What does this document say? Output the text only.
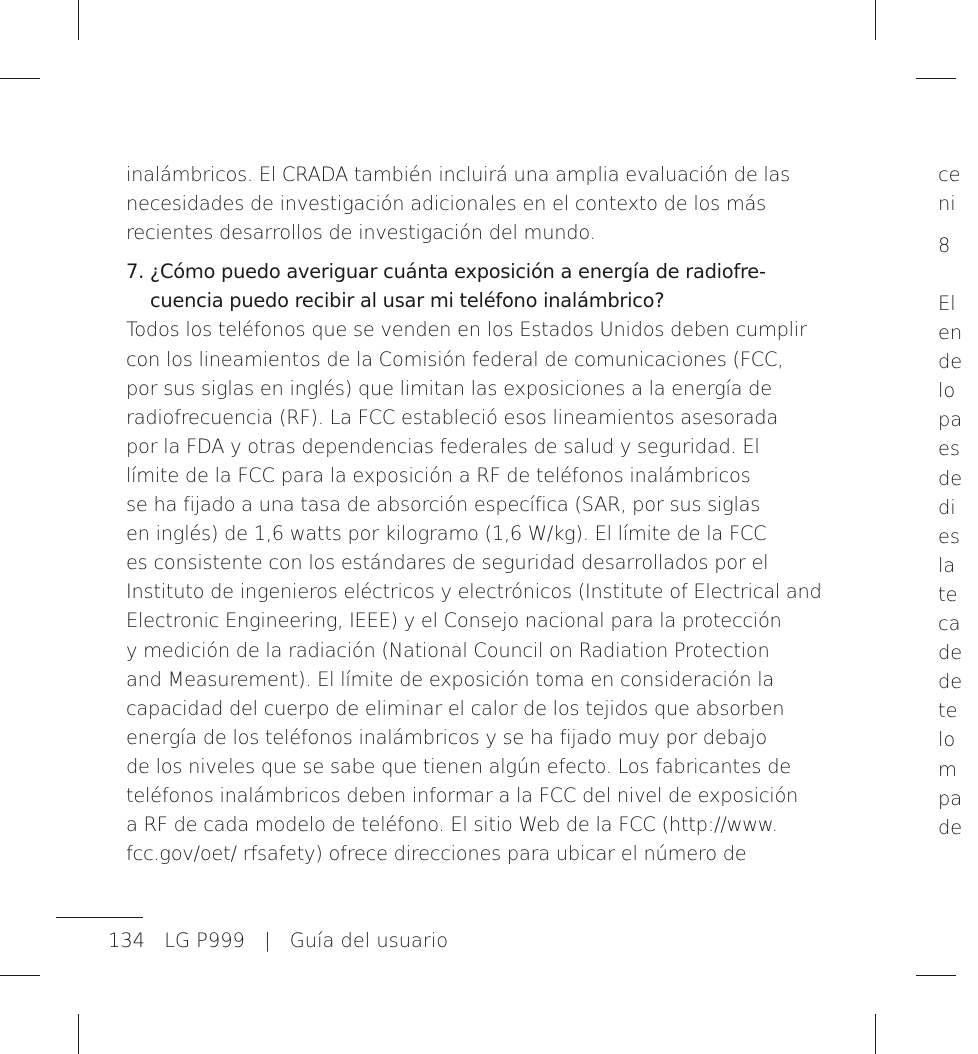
inalámbricos. El CRADA también incluirá una amplia evaluación de las
necesidades de investigación adicionales en el contexto de los más
recientes desarrollos de investigación del mundo.
7. ¿Cómo puedo averiguar cuánta exposición a energía de radiofre-
cuencia puedo recibir al usar mi teléfono inalámbrico?
Todos los teléfonos que se venden en los Estados Unidos deben cumplir
con los lineamientos de la Comisión federal de comunicaciones (FCC,
por sus siglas en inglés) que limitan las exposiciones a la energía de
radiofrecuencia (RF). La FCC estableció esos lineamientos asesorada
por la FDA y otras dependencias federales de salud y seguridad. El
límite de la FCC para la exposición a RF de teléfonos inalámbricos
se ha fijado a una tasa de absorción específica (SAR, por sus siglas
en inglés) de 1,6 watts por kilogramo (1,6 W/kg). El límite de la FCC
es consistente con los estándares de seguridad desarrollados por el
Instituto de ingenieros eléctricos y electrónicos (Institute of Electrical and
Electronic Engineering, IEEE) y el Consejo nacional para la protección
y medición de la radiación (National Council on Radiation Protection
and Measurement). El límite de exposición toma en consideración la
capacidad del cuerpo de eliminar el calor de los tejidos que absorben
energía de los teléfonos inalámbricos y se ha fijado muy por debajo
de los niveles que se sabe que tienen algún efecto. Los fabricantes de
teléfonos inalámbricos deben informar a la FCC del nivel de exposición
a RF de cada modelo de teléfono. El sitio Web de la FCC (http://www.
fcc.gov/oet/ rfsafety) ofrece direcciones para ubicar el número de
ce
ni
8
El
en
de
lo
pa
es
de
di
es
la
te
ca
de
de
te
lo
m
pa
de
134 LG P999 | Guía del usuario
